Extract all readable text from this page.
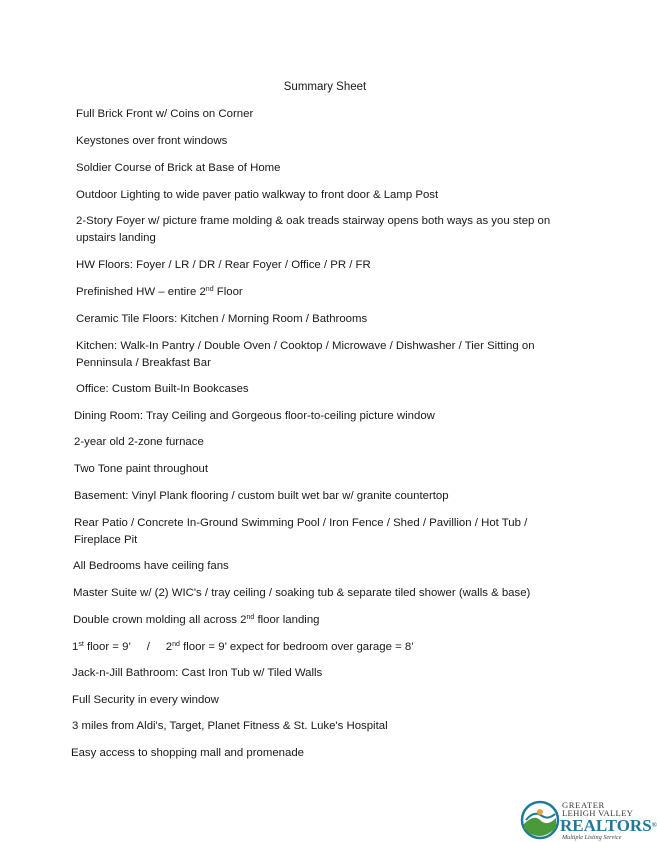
Summary Sheet
Full Brick Front w/ Coins on Corner
Keystones over front windows
Soldier Course of Brick at Base of Home
Outdoor Lighting to wide paver patio walkway to front door & Lamp Post
2-Story Foyer w/ picture frame molding & oak treads stairway opens both ways as you step on upstairs landing
HW Floors: Foyer / LR / DR / Rear Foyer / Office / PR / FR
Prefinished HW – entire 2nd Floor
Ceramic Tile Floors: Kitchen / Morning Room / Bathrooms
Kitchen: Walk-In Pantry / Double Oven / Cooktop / Microwave / Dishwasher / Tier Sitting on Penninsula / Breakfast Bar
Office: Custom Built-In Bookcases
Dining Room: Tray Ceiling and Gorgeous floor-to-ceiling picture window
2-year old 2-zone furnace
Two Tone paint throughout
Basement: Vinyl Plank flooring / custom built wet bar w/ granite countertop
Rear Patio / Concrete In-Ground Swimming Pool / Iron Fence / Shed / Pavillion / Hot Tub / Fireplace Pit
All Bedrooms have ceiling fans
Master Suite w/ (2) WIC's / tray ceiling / soaking tub & separate tiled shower (walls & base)
Double crown molding all across 2nd floor landing
1st floor = 9’     /     2nd floor = 9’ expect for bedroom over garage = 8’
Jack-n-Jill Bathroom: Cast Iron Tub w/ Tiled Walls
Full Security in every window
3 miles from Aldi's, Target, Planet Fitness & St. Luke's Hospital
Easy access to shopping mall and promenade
GREATER
LEHIGH VALLEY
REALTORS®
Multiple Listing Service
